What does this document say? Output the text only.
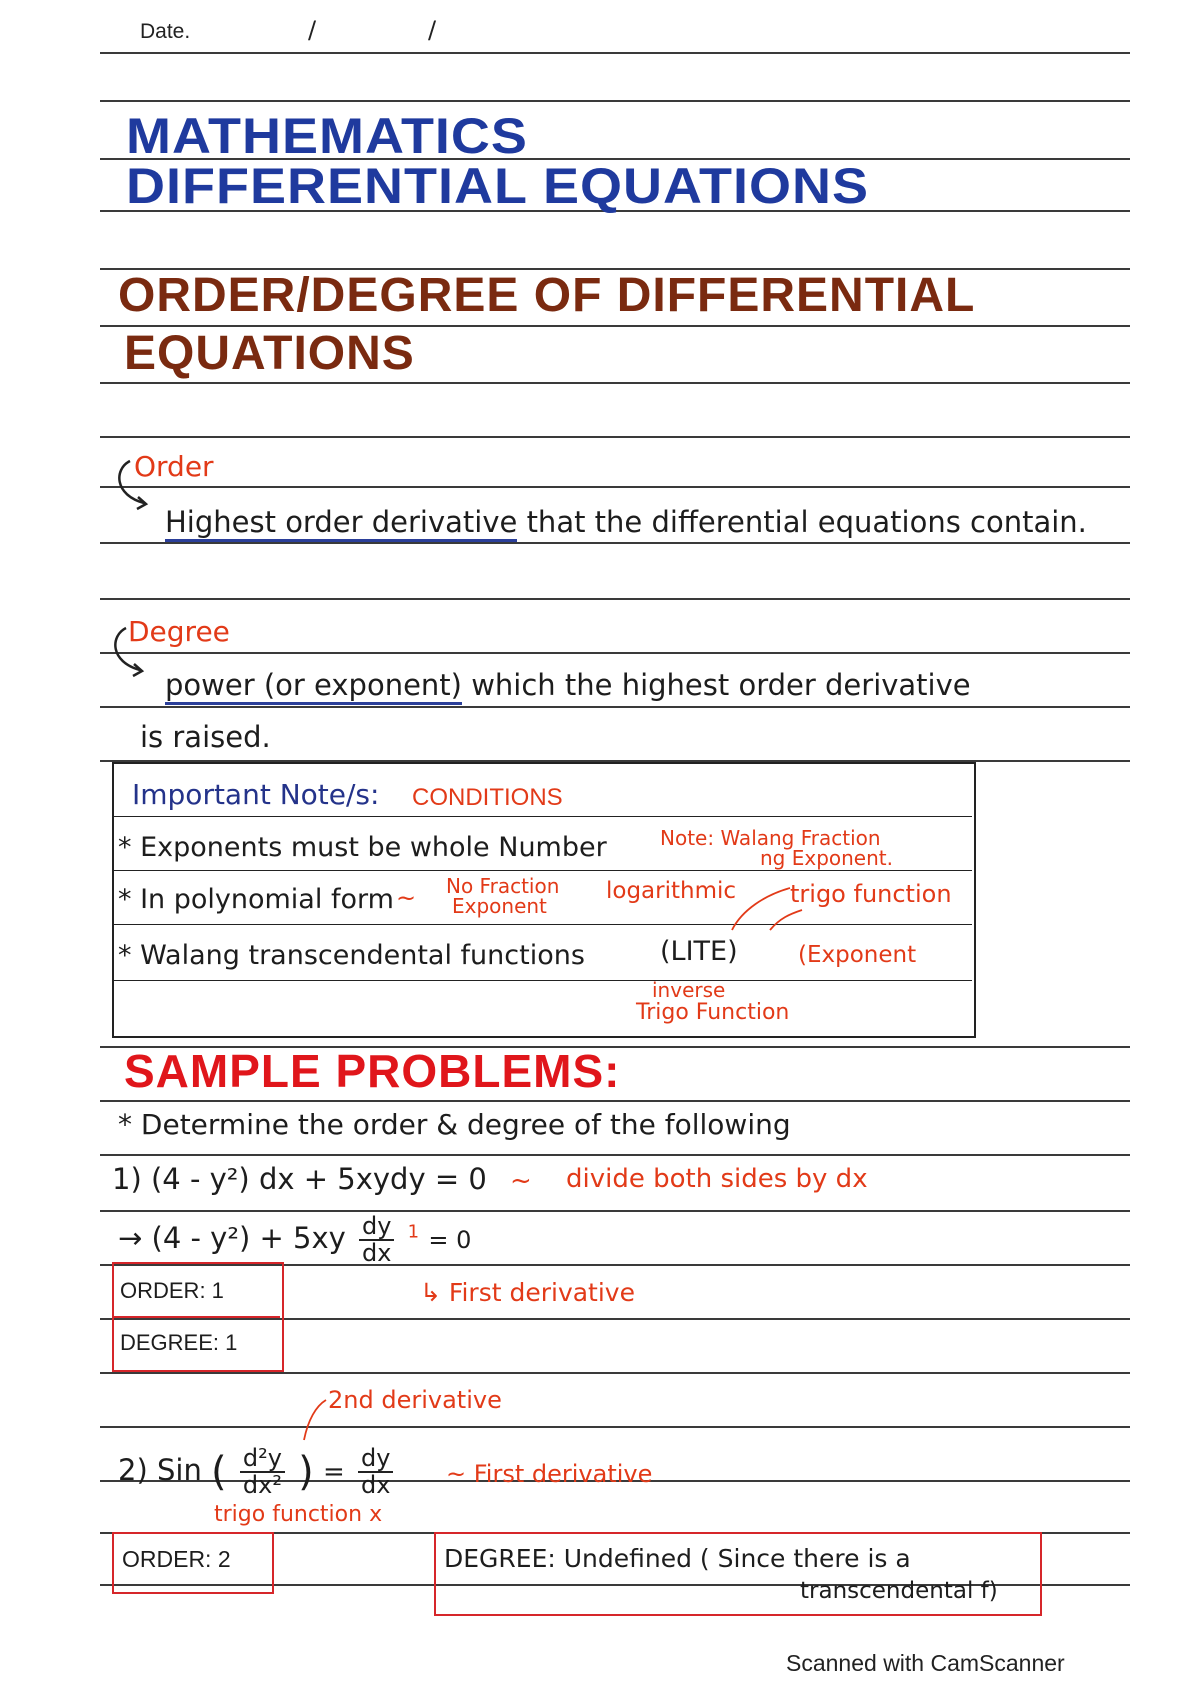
Date.	/	/
MATHEMATICS
DIFFERENTIAL EQUATIONS
ORDER/DEGREE OF DIFFERENTIAL
EQUATIONS
Order
Highest order derivative that the differential equations contain.
Degree
power (or exponent) which the highest order derivative
is raised.
Important Note/s: CONDITIONS
* Exponents must be whole Number	Note: Walang Fraction
ng Exponent.
* In polynomial form ~ No Fraction
Exponent
logarithmic trigo function
* Walang transcendental functions	(LITE)	(Exponent
inverse
Trigo Function
SAMPLE PROBLEMS:
* Determine the order & degree of the following
1) (4 - y²) dx + 5xydy = 0 ~ divide both sides by dx
→ $(4 - y^2) + 5xy \frac{dy}{dx} ^1 = 0$
↳ First derivative
ORDER: 1
DEGREE: 1
2nd derivative
2) Sin ( $\frac{\text{d²y}}{\text{dx²}}$ ) = $\frac{dy}{dx}$ ~ First derivative
trigo function x
ORDER: 2	DEGREE: Undefined ( Since there is a
transcendental f)
Scanned with CamScanner
